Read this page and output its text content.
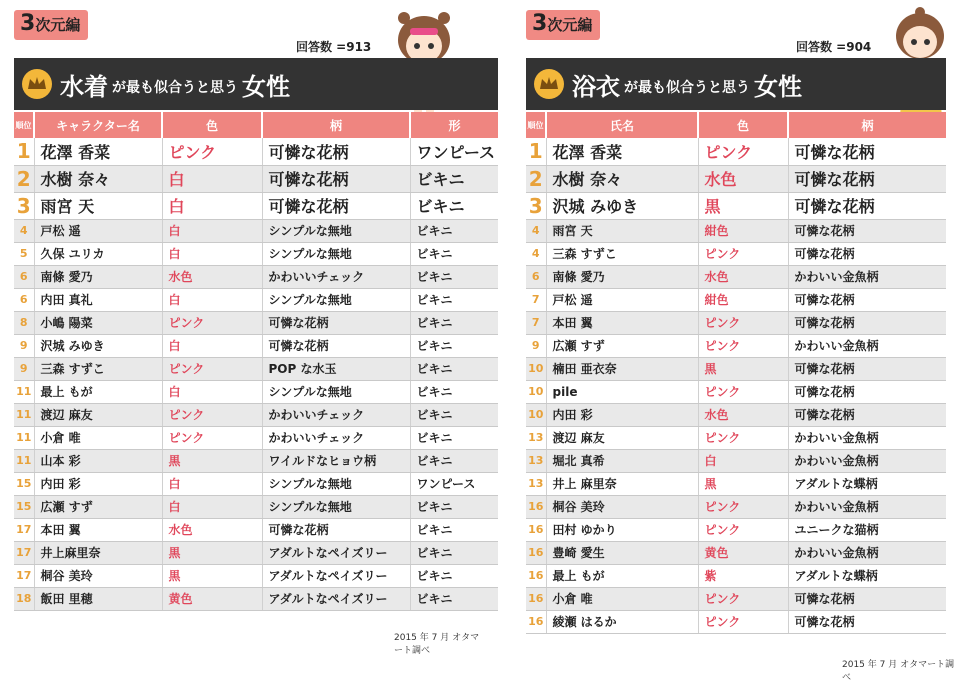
3次元編
回答数 =913
水着 が最も似合うと思う 女性
順位	キャラクター名	色	柄	形
1	花澤 香菜	ピンク	可憐な花柄	ワンピース
2	水樹 奈々	白	可憐な花柄	ビキニ
3	雨宮 天	白	可憐な花柄	ビキニ
4	戸松 遥	白	シンプルな無地	ビキニ
5	久保 ユリカ	白	シンプルな無地	ビキニ
6	南條 愛乃	水色	かわいいチェック	ビキニ
6	内田 真礼	白	シンプルな無地	ビキニ
8	小嶋 陽菜	ピンク	可憐な花柄	ビキニ
9	沢城 みゆき	白	可憐な花柄	ビキニ
9	三森 すずこ	ピンク	POP な水玉	ビキニ
11	最上 もが	白	シンプルな無地	ビキニ
11	渡辺 麻友	ピンク	かわいいチェック	ビキニ
11	小倉 唯	ピンク	かわいいチェック	ビキニ
11	山本 彩	黒	ワイルドなヒョウ柄	ビキニ
15	内田 彩	白	シンプルな無地	ワンピース
15	広瀬 すず	白	シンプルな無地	ビキニ
17	本田 翼	水色	可憐な花柄	ビキニ
17	井上麻里奈	黒	アダルトなペイズリー	ビキニ
17	桐谷 美玲	黒	アダルトなペイズリー	ビキニ
18	飯田 里穂	黄色	アダルトなペイズリー	ビキニ
2015 年 7 月 オタマート調べ
3次元編
回答数 =904
浴衣 が最も似合うと思う 女性
順位	氏名	色	柄
1	花澤 香菜	ピンク	可憐な花柄
2	水樹 奈々	水色	可憐な花柄
3	沢城 みゆき	黒	可憐な花柄
4	雨宮 天	紺色	可憐な花柄
4	三森 すずこ	ピンク	可憐な花柄
6	南條 愛乃	水色	かわいい金魚柄
7	戸松 遥	紺色	可憐な花柄
7	本田 翼	ピンク	可憐な花柄
9	広瀬 すず	ピンク	かわいい金魚柄
10	楠田 亜衣奈	黒	可憐な花柄
10	pile	ピンク	可憐な花柄
10	内田 彩	水色	可憐な花柄
13	渡辺 麻友	ピンク	かわいい金魚柄
13	堀北 真希	白	かわいい金魚柄
13	井上 麻里奈	黒	アダルトな蝶柄
16	桐谷 美玲	ピンク	かわいい金魚柄
16	田村 ゆかり	ピンク	ユニークな猫柄
16	豊崎 愛生	黄色	かわいい金魚柄
16	最上 もが	紫	アダルトな蝶柄
16	小倉 唯	ピンク	可憐な花柄
16	綾瀬 はるか	ピンク	可憐な花柄
2015 年 7 月 オタマート調べ
